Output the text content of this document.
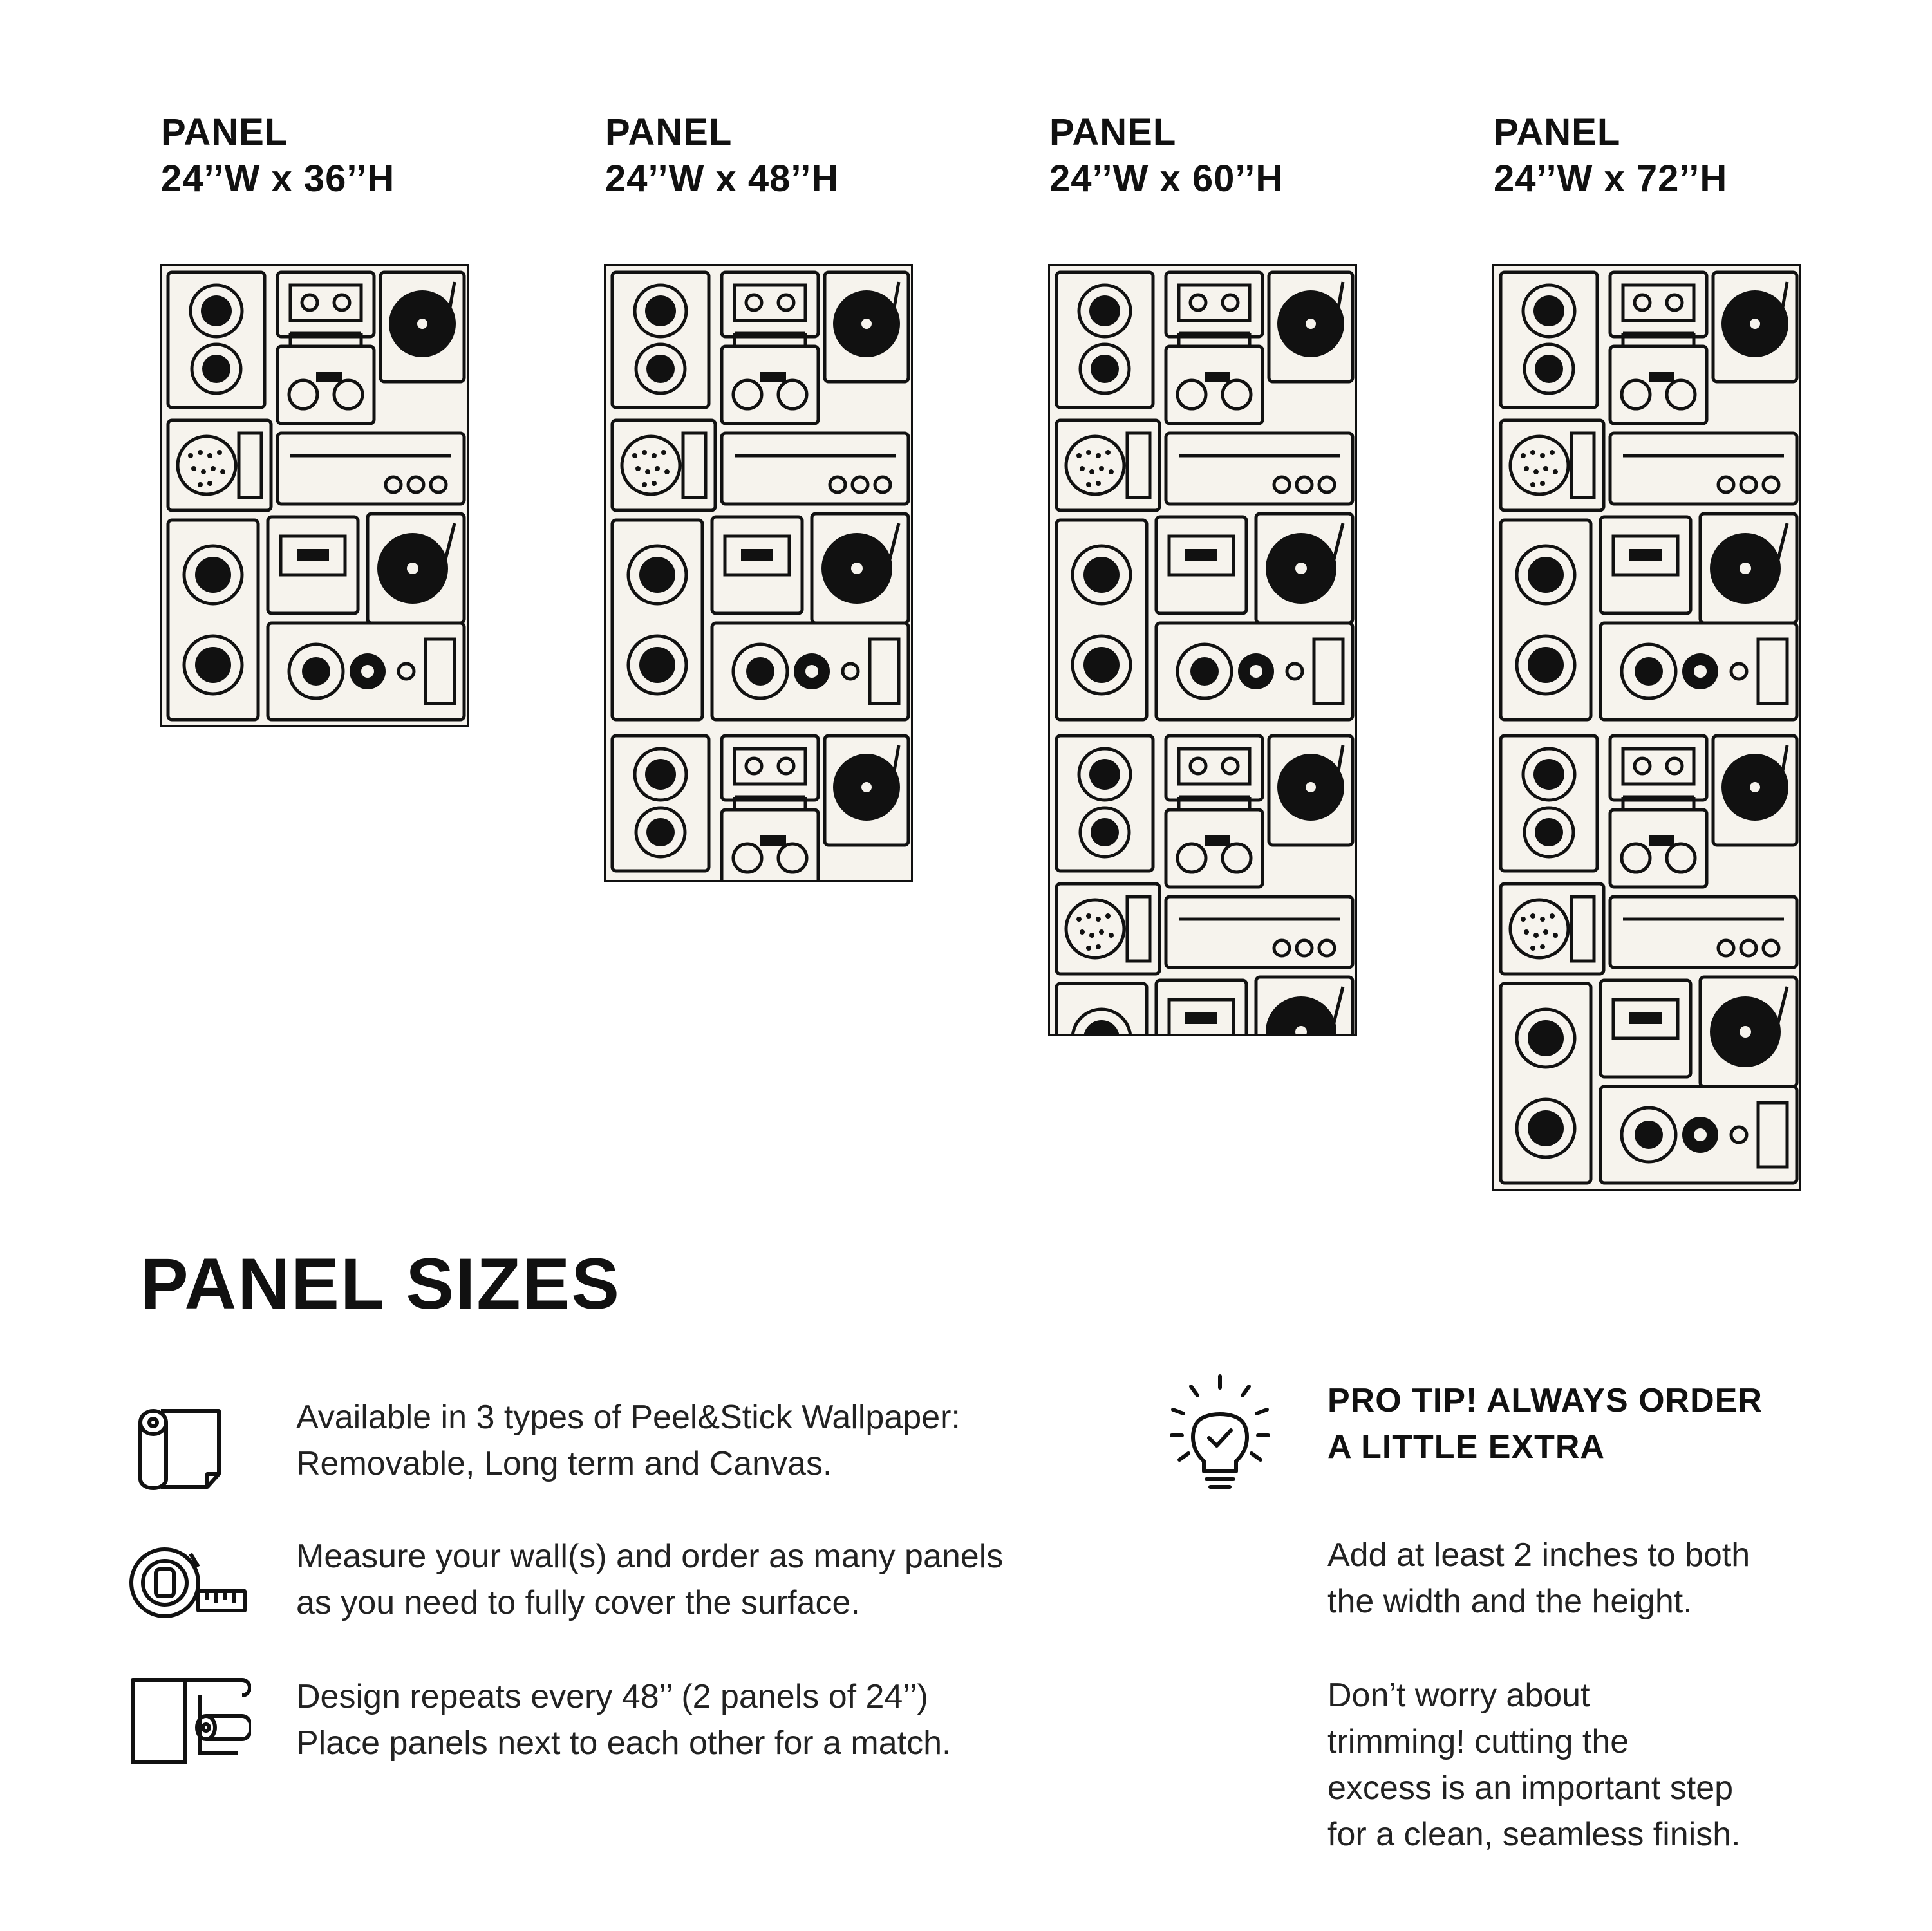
PANEL
24’’W x 36’’H
PANEL
24’’W x 48’’H
PANEL
24’’W x 60’’H
PANEL
24’’W x 72’’H
PANEL SIZES
Available in 3 types of Peel&Stick Wallpaper:
Removable, Long term and Canvas.
Measure your wall(s) and order as many panels
as you need to fully cover the surface.
Design repeats every 48’’ (2 panels of 24’’)
Place panels next to each other for a match.
PRO TIP! ALWAYS ORDER
A LITTLE EXTRA
Add at least 2 inches to both
the width and the height.
Don’t worry about
trimming! cutting the
excess is an important step
for a clean, seamless finish.
